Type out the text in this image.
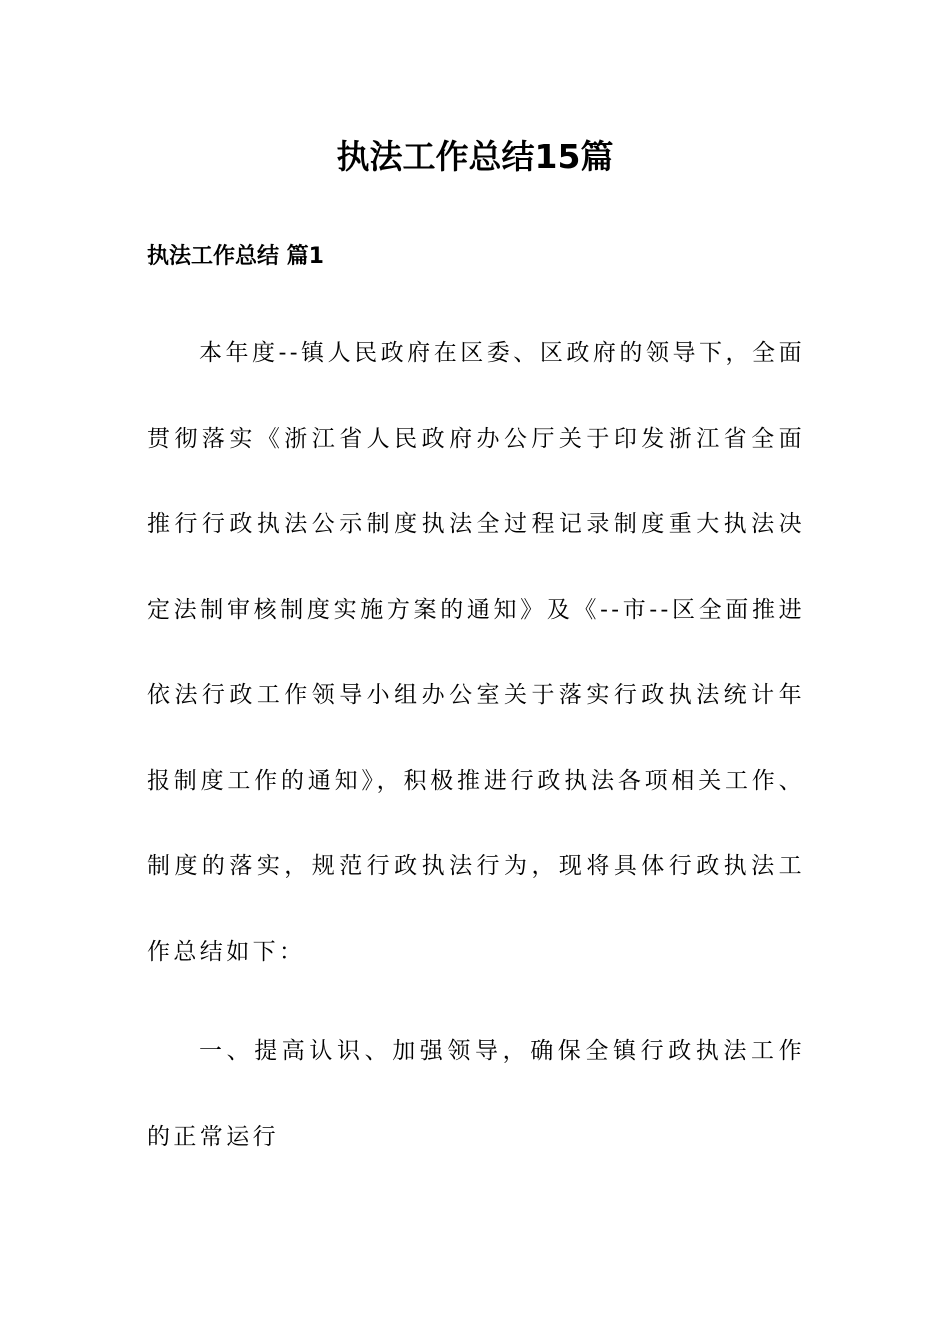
执法工作总结15篇
执法工作总结 篇1

本年度--镇人民政府在区委、区政府的领导下，全面贯彻落实《浙江省人民政府办公厅关于印发浙江省全面推行行政执法公示制度执法全过程记录制度重大执法决定法制审核制度实施方案的通知》及《--市--区全面推进依法行政工作领导小组办公室关于落实行政执法统计年报制度工作的通知》，积极推进行政执法各项相关工作、制度的落实，规范行政执法行为，现将具体行政执法工作总结如下：

一、提高认识、加强领导，确保全镇行政执法工作的正常运行
